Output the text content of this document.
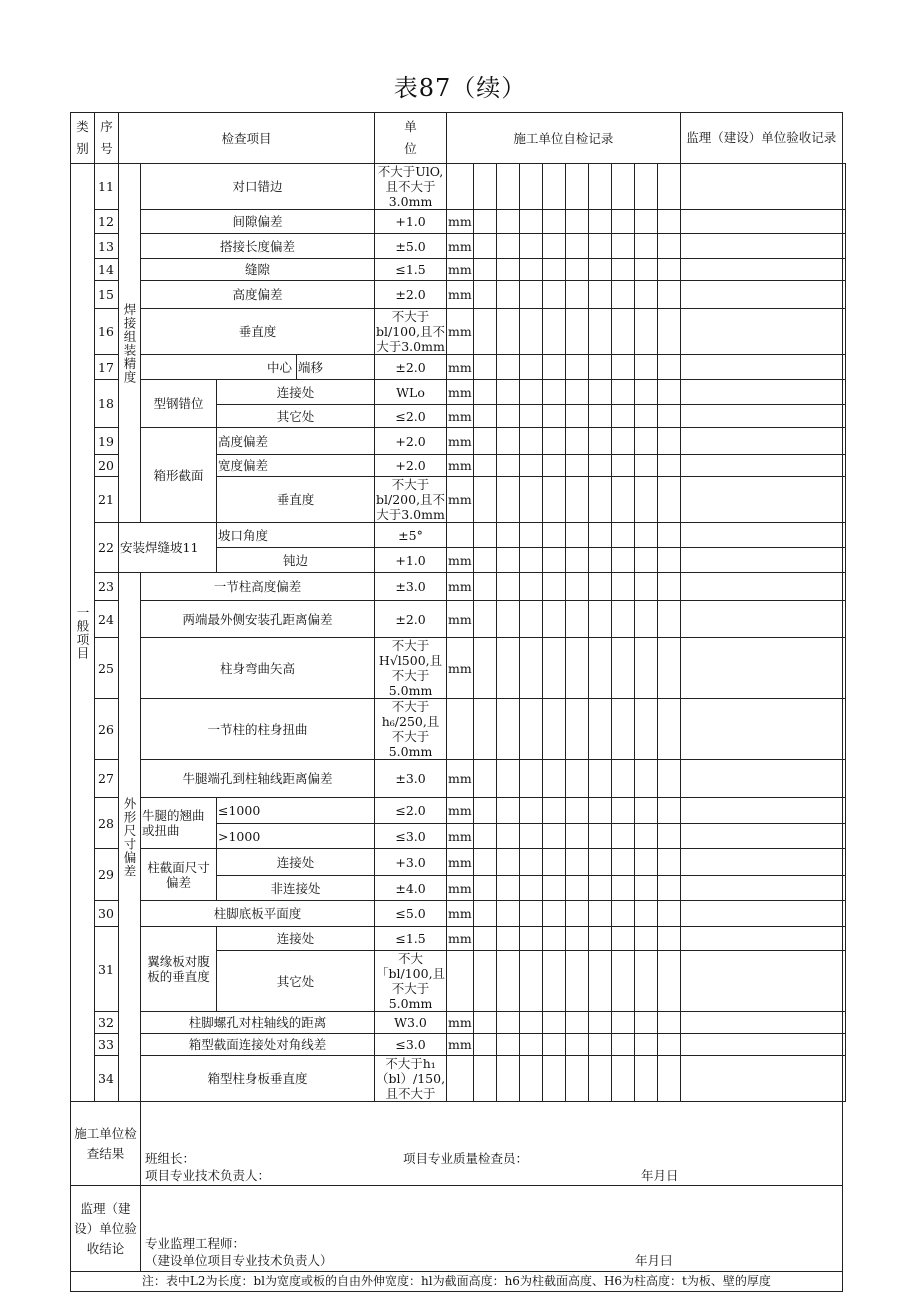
表87（续）
类别	序号	检查项目				单位	施工单位自检记录										监理（建设）单位验收记录	

一般项目	11	焊接组装精度	对口错边			不大于UlO,且不大于3.0mm												
	12		间隙偏差			+1.0	mm											
	13		搭接长度偏差			±5.0	mm											
	14		缝隙			≤1.5	mm											
	15		高度偏差			±2.0	mm											
	16		垂直度			不大于bl/100,且不大于3.0mm	mm											
	17		中心		端移	±2.0	mm											
	18		型钢错位	连接处		WLo	mm											
				其它处		≤2.0	mm											
	19		箱形截面	高度偏差		+2.0	mm											
	20			宽度偏差		+2.0	mm											
	21			垂直度		不大于bl/200,且不大于3.0mm	mm											
	22	安装焊缝坡11		坡口角度		±5°												
				钝边		+1.0	mm											
	23	外形尺寸偏差	一节柱高度偏差			±3.0	mm											
	24		两端最外侧安装孔距离偏差			±2.0	mm											
	25		柱身弯曲矢高			不大于H√l500,且不大于5.0mm	mm											
	26		一节柱的柱身扭曲			不大于h₆/250,且不大于5.0mm												
	27		牛腿端孔到柱轴线距离偏差			±3.0	mm											
	28		牛腿的翘曲或扭曲	≤1000		≤2.0	mm											
				>1000		≤3.0	mm											
	29		柱截面尺寸偏差	连接处		+3.0	mm											
				非连接处		±4.0	mm											
	30		柱脚底板平面度			≤5.0	mm											
	31		翼缘板对腹板的垂直度	连接处		≤1.5	mm											
				其它处		不大「bl/100,且不大于5.0mm												
	32		柱脚螺孔对柱轴线的距离			W3.0	mm											
	33		箱型截面连接处对角线差			≤3.0	mm											
	34		箱型柱身板垂直度			不大于h₁（bl）/150,且不大于												
施工单位检查结果			班组长： 项目专业质量检查员：
项目专业技术负责人： 年月日															

监理（建设）单位验收结论			专业监理工程师：
（建设单位项目专业技术负责人） 年月曰															

注：表中L2为长度：bl为宽度或板的自由外伸宽度：hl为截面高度：h6为柱截面高度、H6为柱高度：t为板、壁的厚度																		
